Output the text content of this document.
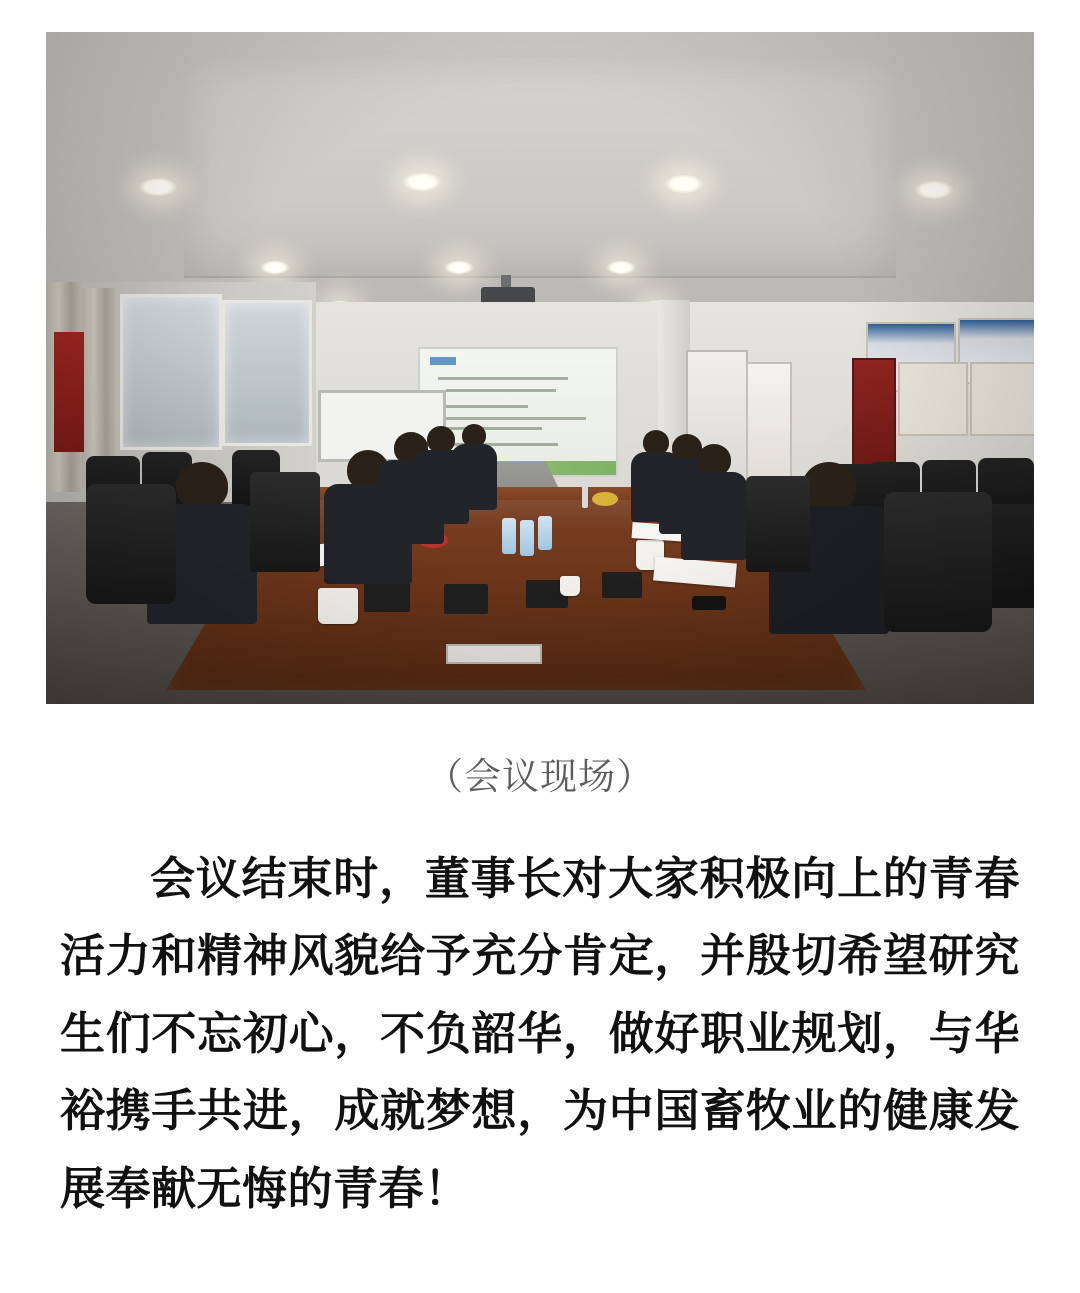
（会议现场）
会议结束时，董事长对大家积极向上的青春活力和精神风貌给予充分肯定，并殷切希望研究生们不忘初心，不负韶华，做好职业规划，与华裕携手共进，成就梦想，为中国畜牧业的健康发展奉献无悔的青春！
